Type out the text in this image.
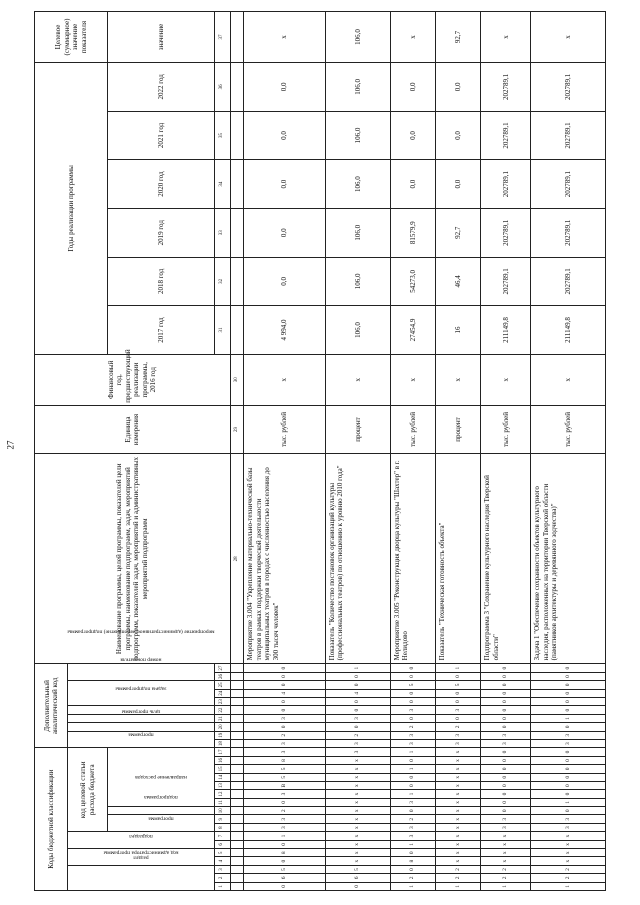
27
Коды бюджетной классификации																	Дополнительный аналитический код										Наименование программы, целей программы, показателей цели программы, наименование подпрограмм, задач, мероприятий подпрограмм, показателей задач, мероприятий и административных мероприятий подпрограмм	Единица измерения	Финансовый год, предшествующий реализации программы, 2016 год	Годы реализации программы						Целевое (суммарное) значение показателя
код администратора программы			раздел		подраздел		код целевой статьи расхода бюджета										программа		цель программы		задача подпрограммы	мероприятие (административное мероприятие) подпрограммы			номер показателя											
							программа		подпрограмма	направление расходов																				2017 год	2018 год	2019 год	2020 год	2021 год	2022 год	значение
1	2	3	4	5	6	7	8	9	10	11	12	13	14	15	16	17	18	19	20	21	22	23	24	25	26	27				31	32	33	34	35	36	37
																											28	29	30							
0	6	5	0	8	0	1	3	3	2	0	3	В	5	5	8	3	3	2	0	3	0	0	4	0	0	0	Мероприятие 3.004 "Укрепление материально-технической базы театров в рамках поддержки творческой деятельности муниципальных театров в городах с численностью населения до 300 тысяч человек"	тыс. рублей	х	4 994,0	0,0	0,0	0,0	0,0	0,0	х
0	6	5	х	х	х	х	х	х	х	х	х	х	х	х	х	3	3	2	0	3	0	0	4	0	0	1	Показатель "Количество постановок организаций культуры (профессиональных театров) по отношению к уровню 2010 года"	процент	х	106,0	106,0	106,0	106,0	106,0	106,0	106,0
1	2	0	8	0	1	3	3	2	0	3	1	0	0	1	0	1	3	3	2	0	3	0	0	5	0	0	Мероприятие 3.005 "Реконструкция дворца культуры "Шахтер" в г. Нелидово	тыс. рублей	х	27454,9	54273,0	81579,9	0,0	0,0	0,0	х
1	2	2	х	х	х	х	х	х	х	х	х	х	х	х	х	х	3	3	2	0	3	0	0	5	0	1	Показатель "Техническая готовность объекта"	процент	х	16	46,4	92,7	0,0	0,0	0,0	92,7
1	2	2	х	х	х	х	3	3	0	0	0	0	0	0	0	0	3	3	0	0	0	0	0	0	0	0	Подпрограмма 3 "Сохранение культурного наследия Тверской области"	тыс. рублей	х	211149,8	202789,1	202789,1	202789,1	202789,1	202789,1	х
1	2	2	х	х	х	х	3	3	0	1	0	0	0	0	0	0	3	3	0	1	0	0	0	0	0	0	Задача 1 "Обеспечение сохранности объектов культурного наследия, расположенных на территории Тверской области (памятников архитектуры и деревянного зодчества)"	тыс. рублей	х	211149,8	202789,1	202789,1	202789,1	202789,1	202789,1	х
